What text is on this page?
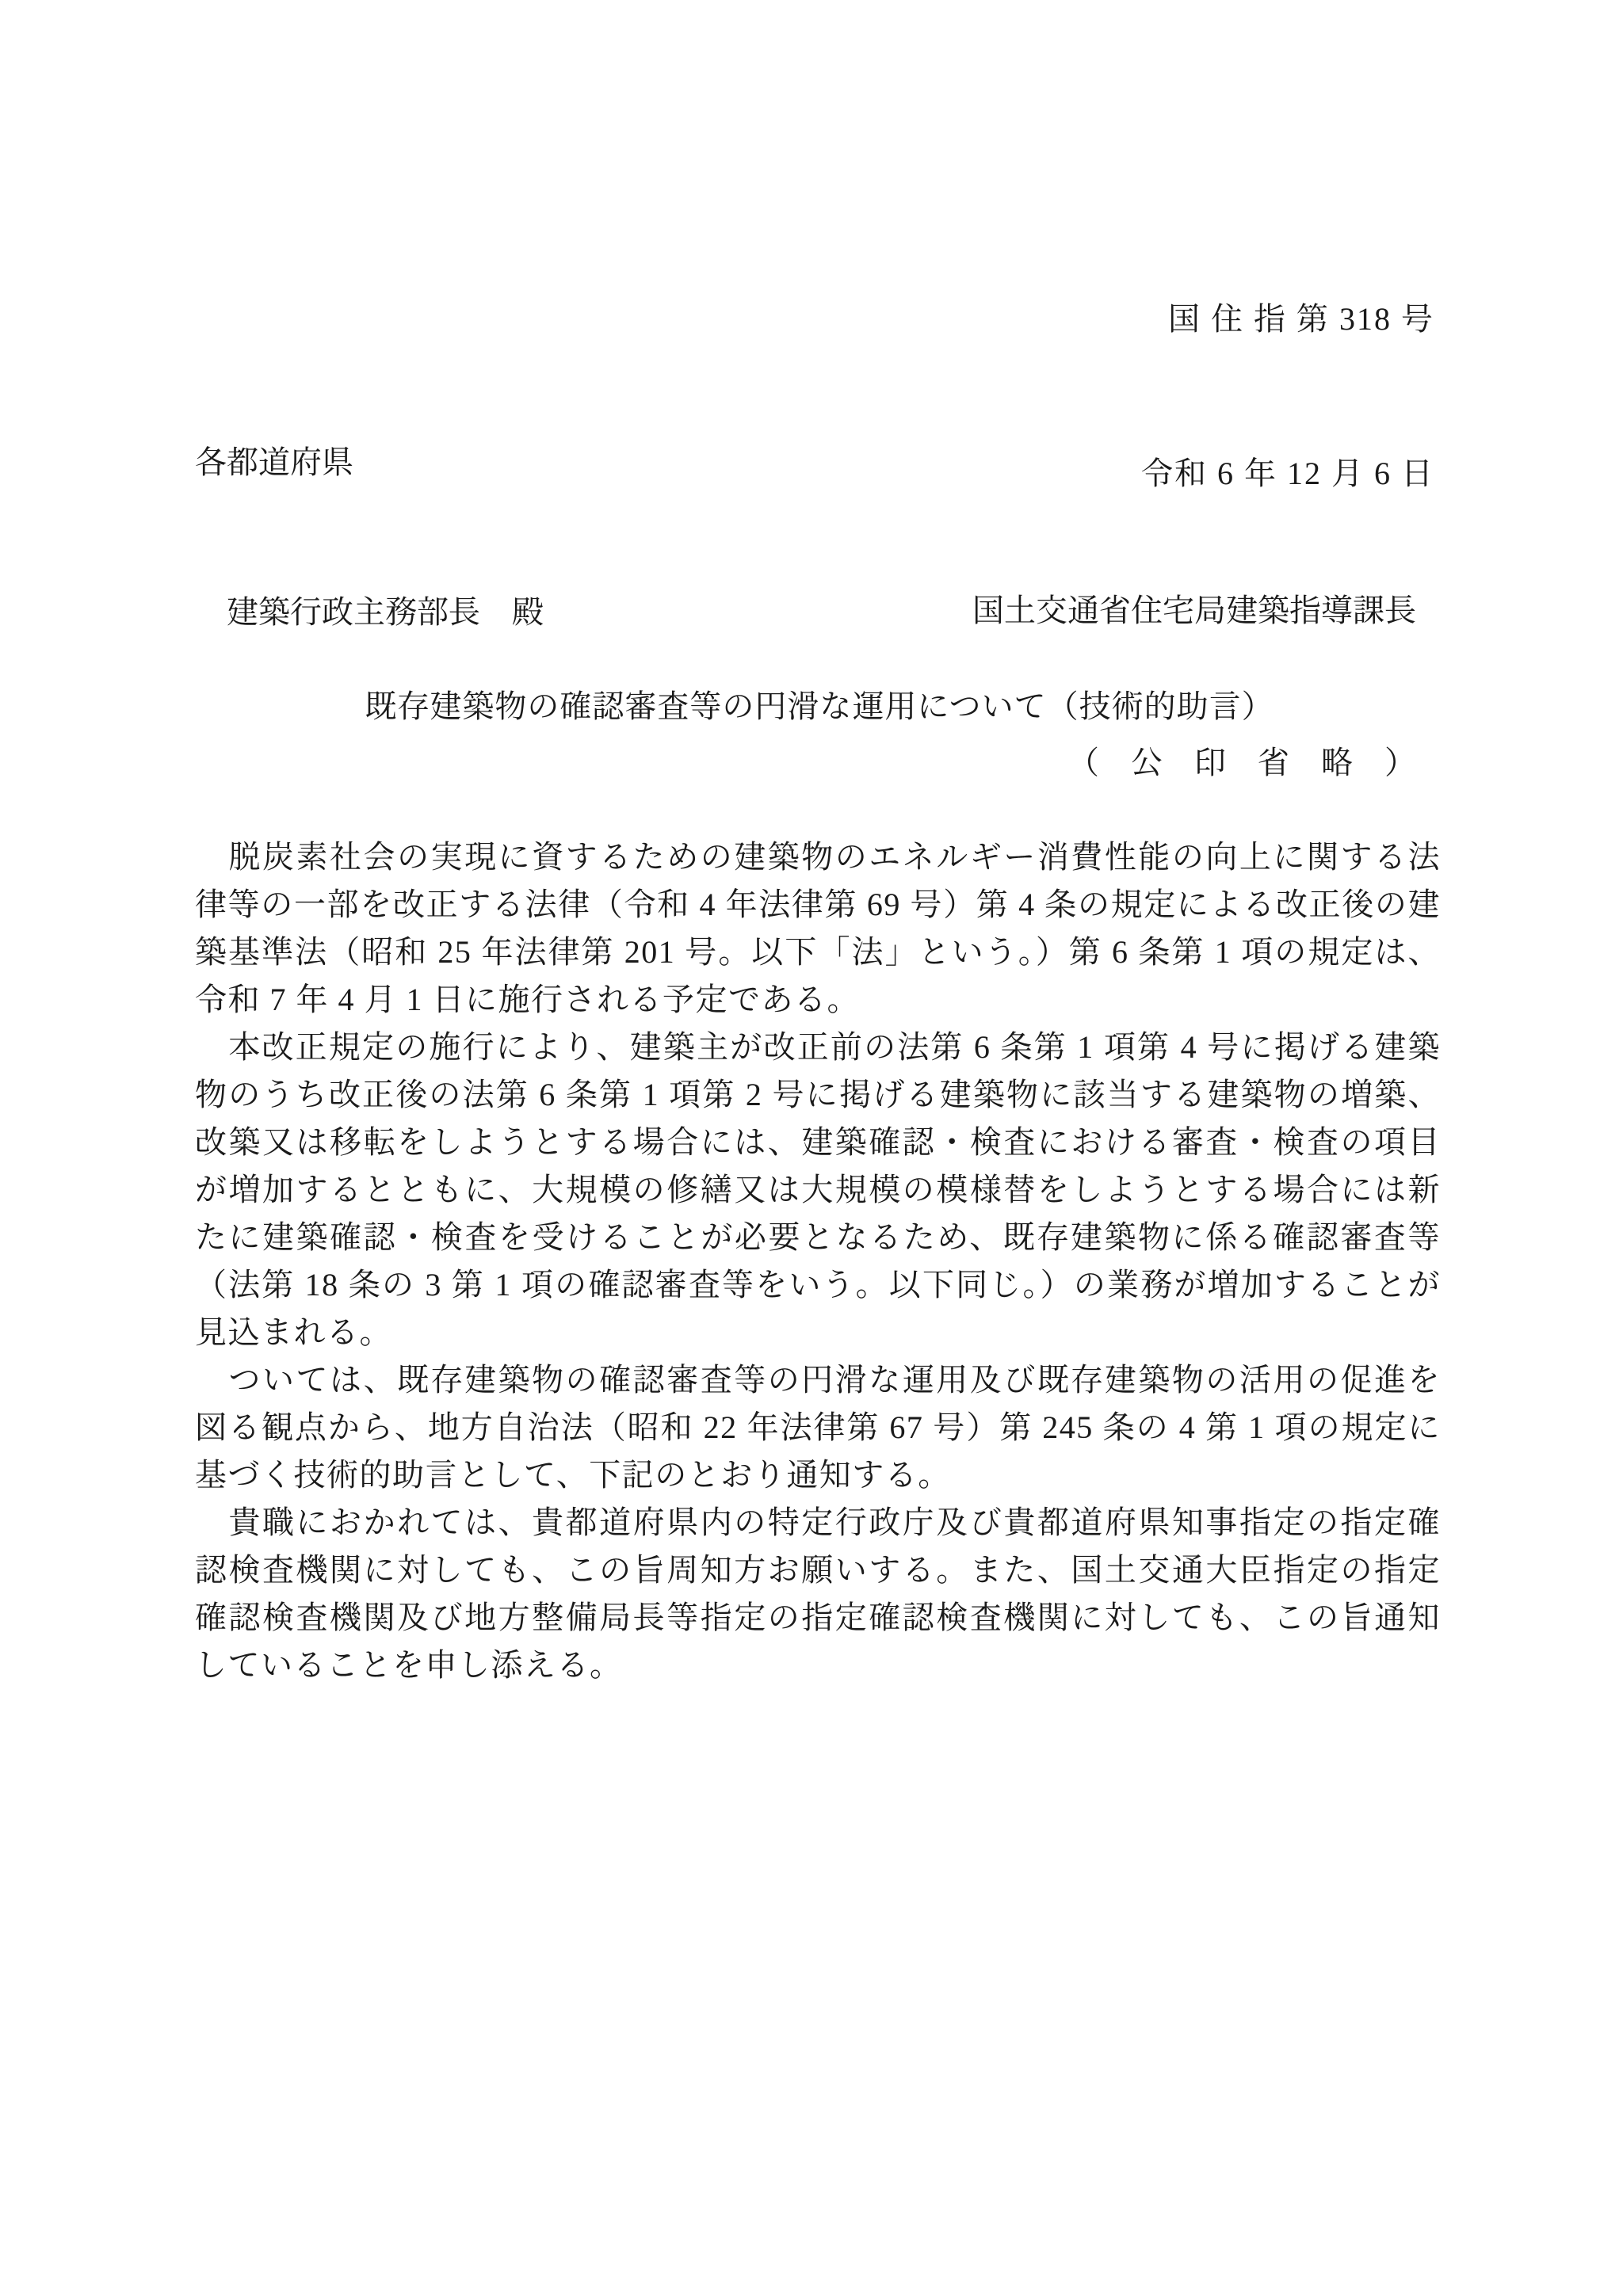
国 住 指 第 318 号

令和 6 年 12 月 6 日

各都道府県

　建築行政主務部長　殿

	国土交通省住宅局建築指導課長

（　公　印　省　略　）

既存建築物の確認審査等の円滑な運用について（技術的助言）

　脱炭素社会の実現に資するための建築物のエネルギー消費性能の向上に関する法律等の一部を改正する法律（令和 4 年法律第 69 号）第 4 条の規定による改正後の建築基準法（昭和 25 年法律第 201 号。以下「法」という。）第 6 条第 1 項の規定は、令和 7 年 4 月 1 日に施行される予定である。

　本改正規定の施行により、建築主が改正前の法第 6 条第 1 項第 4 号に掲げる建築物のうち改正後の法第 6 条第 1 項第 2 号に掲げる建築物に該当する建築物の増築、改築又は移転をしようとする場合には、建築確認・検査における審査・検査の項目が増加するとともに、大規模の修繕又は大規模の模様替をしようとする場合には新たに建築確認・検査を受けることが必要となるため、既存建築物に係る確認審査等（法第 18 条の 3 第 1 項の確認審査等をいう。以下同じ。）の業務が増加することが見込まれる。

　ついては、既存建築物の確認審査等の円滑な運用及び既存建築物の活用の促進を図る観点から、地方自治法（昭和 22 年法律第 67 号）第 245 条の 4 第 1 項の規定に基づく技術的助言として、下記のとおり通知する。

　貴職におかれては、貴都道府県内の特定行政庁及び貴都道府県知事指定の指定確認検査機関に対しても、この旨周知方お願いする。また、国土交通大臣指定の指定確認検査機関及び地方整備局長等指定の指定確認検査機関に対しても、この旨通知していることを申し添える。
